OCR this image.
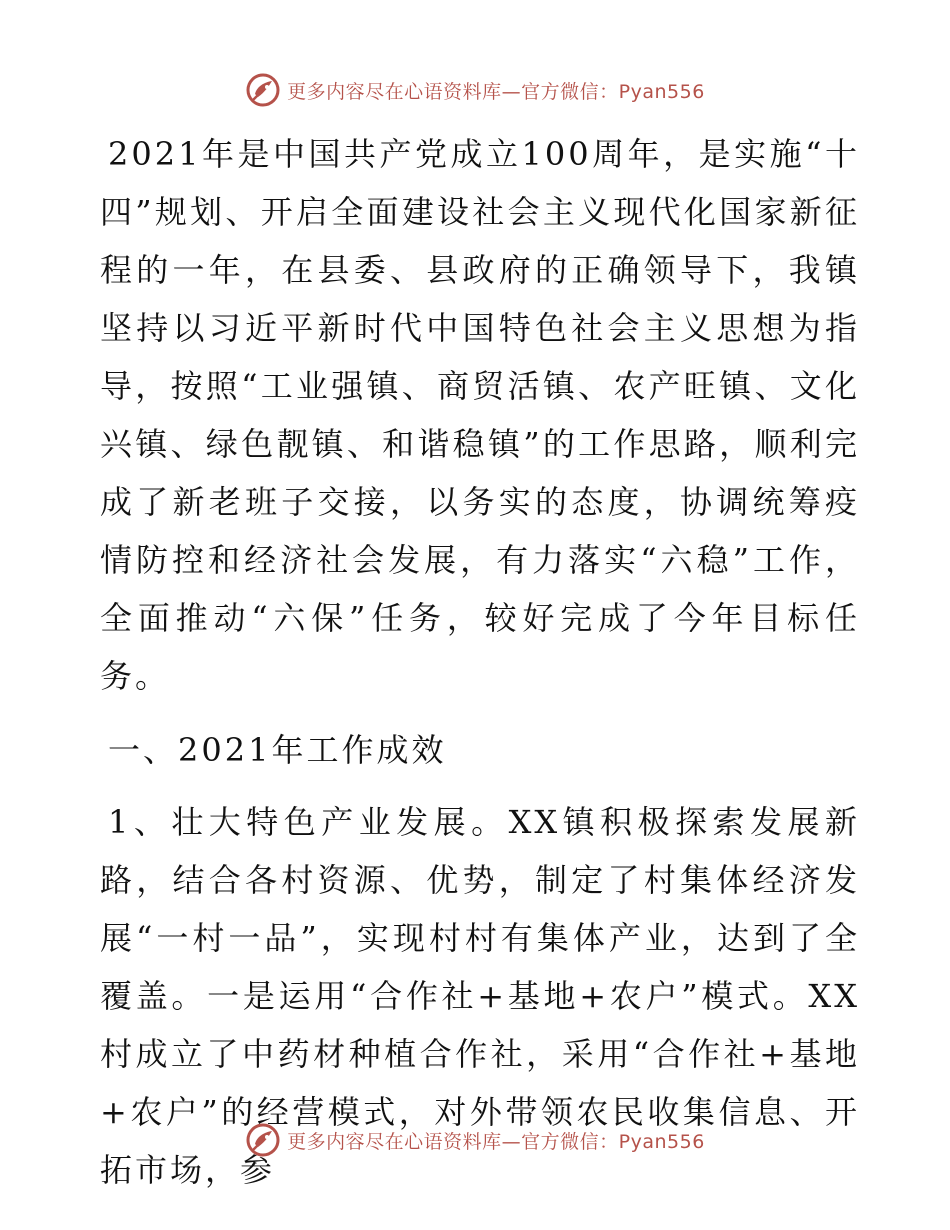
更多内容尽在心语资料库—官方微信：Pyan556

2021年是中国共产党成立100周年，是实施“十四”规划、开启全面建设社会主义现代化国家新征程的一年，在县委、县政府的正确领导下，我镇坚持以习近平新时代中国特色社会主义思想为指导，按照“工业强镇、商贸活镇、农产旺镇、文化兴镇、绿色靓镇、和谐稳镇”的工作思路，顺利完成了新老班子交接，以务实的态度，协调统筹疫情防控和经济社会发展，有力落实“六稳”工作，全面推动“六保”任务，较好完成了今年目标任务。

一、2021年工作成效

1、壮大特色产业发展。XX镇积极探索发展新路，结合各村资源、优势，制定了村集体经济发展“一村一品”，实现村村有集体产业，达到了全覆盖。一是运用“合作社+基地+农户”模式。XX村成立了中药材种植合作社，采用“合作社+基地+农户”的经营模式，对外带领农民收集信息、开拓市场，参

更多内容尽在心语资料库—官方微信：Pyan556
